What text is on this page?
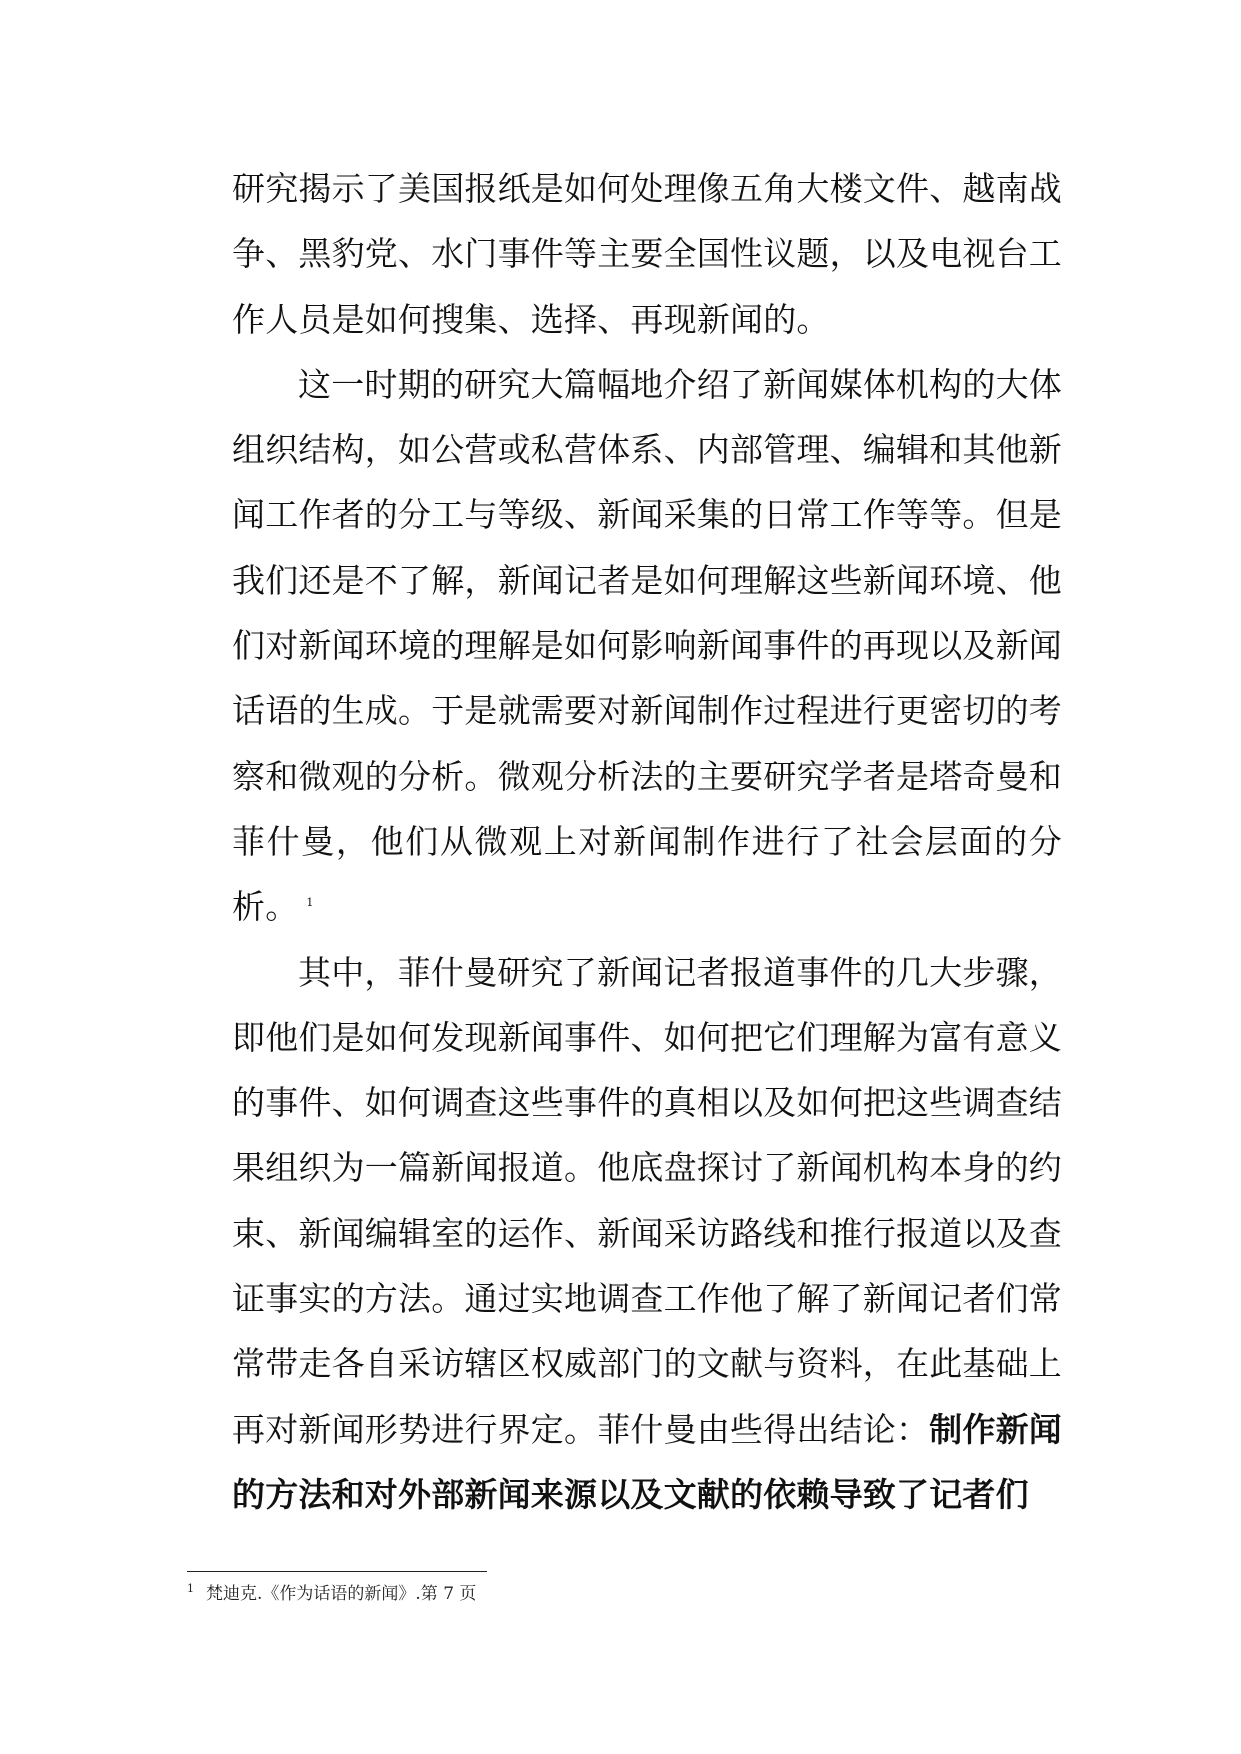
研究揭示了美国报纸是如何处理像五角大楼文件、越南战争、黑豹党、水门事件等主要全国性议题，以及电视台工作人员是如何搜集、选择、再现新闻的。

这一时期的研究大篇幅地介绍了新闻媒体机构的大体组织结构，如公营或私营体系、内部管理、编辑和其他新闻工作者的分工与等级、新闻采集的日常工作等等。但是我们还是不了解，新闻记者是如何理解这些新闻环境、他们对新闻环境的理解是如何影响新闻事件的再现以及新闻话语的生成。于是就需要对新闻制作过程进行更密切的考察和微观的分析。微观分析法的主要研究学者是塔奇曼和菲什曼，他们从微观上对新闻制作进行了社会层面的分析。 $^1$

其中，菲什曼研究了新闻记者报道事件的几大步骤，即他们是如何发现新闻事件、如何把它们理解为富有意义的事件、如何调查这些事件的真相以及如何把这些调查结果组织为一篇新闻报道。他底盘探讨了新闻机构本身的约束、新闻编辑室的运作、新闻采访路线和推行报道以及查证事实的方法。通过实地调查工作他了解了新闻记者们常常带走各自采访辖区权威部门的文献与资料，在此基础上再对新闻形势进行界定。菲什曼由些得出结论：制作新闻的方法和对外部新闻来源以及文献的依赖导致了记者们

$^1$ 梵迪克.《作为话语的新闻》.第 7 页
